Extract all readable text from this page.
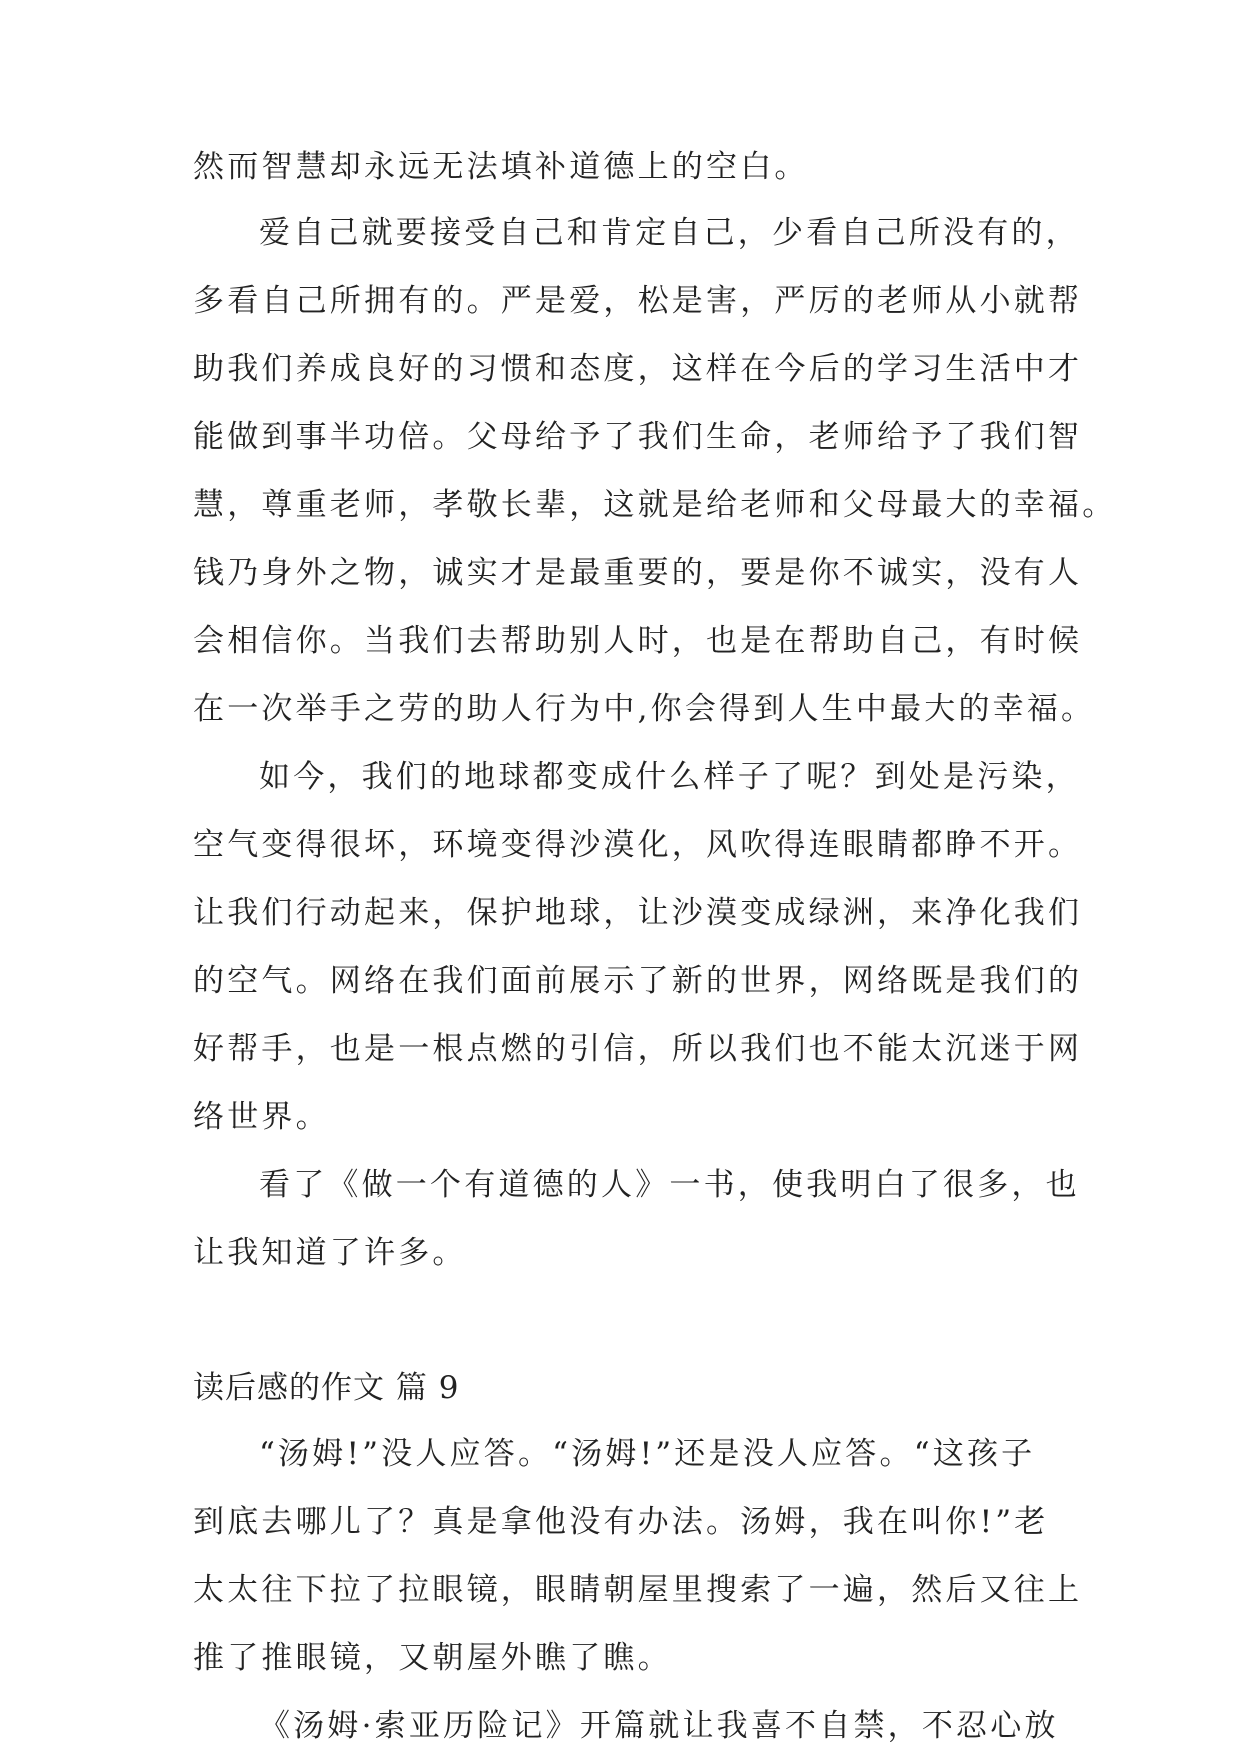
然而智慧却永远无法填补道德上的空白。
爱自己就要接受自己和肯定自己，少看自己所没有的，
多看自己所拥有的。严是爱，松是害，严厉的老师从小就帮
助我们养成良好的习惯和态度，这样在今后的学习生活中才
能做到事半功倍。父母给予了我们生命，老师给予了我们智
慧，尊重老师，孝敬长辈，这就是给老师和父母最大的幸福。
钱乃身外之物，诚实才是最重要的，要是你不诚实，没有人
会相信你。当我们去帮助别人时，也是在帮助自己，有时候
在一次举手之劳的助人行为中,你会得到人生中最大的幸福。
如今，我们的地球都变成什么样子了呢？到处是污染，
空气变得很坏，环境变得沙漠化，风吹得连眼睛都睁不开。
让我们行动起来，保护地球，让沙漠变成绿洲，来净化我们
的空气。网络在我们面前展示了新的世界，网络既是我们的
好帮手，也是一根点燃的引信，所以我们也不能太沉迷于网
络世界。
看了《做一个有道德的人》一书，使我明白了很多，也
让我知道了许多。
读后感的作文 篇 9
“汤姆!”没人应答。“汤姆!”还是没人应答。“这孩子
到底去哪儿了？真是拿他没有办法。汤姆，我在叫你!”老
太太往下拉了拉眼镜，眼睛朝屋里搜索了一遍，然后又往上
推了推眼镜，又朝屋外瞧了瞧。
《汤姆·索亚历险记》开篇就让我喜不自禁，不忍心放
